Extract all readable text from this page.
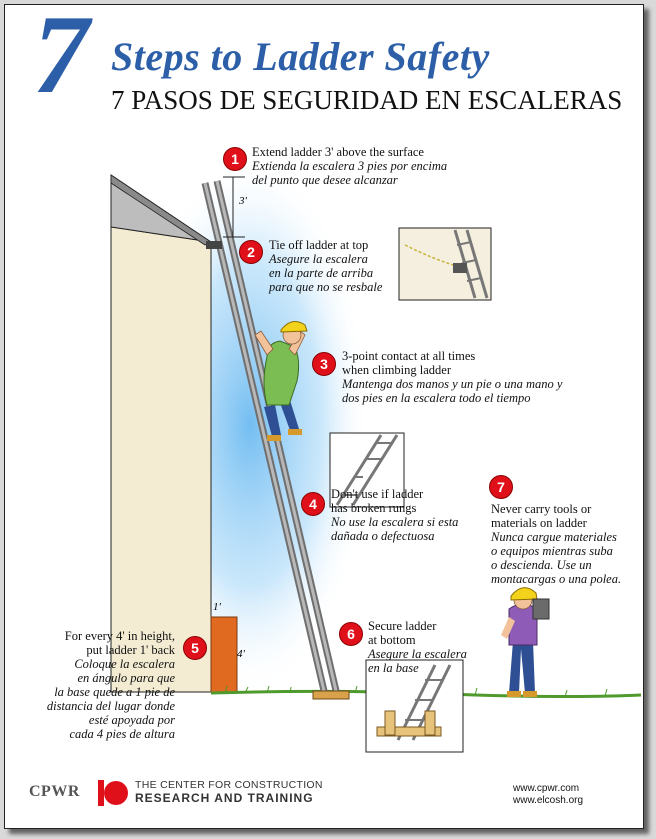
7 Steps to Ladder Safety
7 PASOS DE SEGURIDAD EN ESCALERAS
3'
1'
4'
1	Extend ladder 3' above the surface

Extienda la escalera 3 pies por encima

del punto que desee alcanzar

2	Tie off ladder at top

Asegure la escalera

en la parte de arriba

para que no se resbale

3	3-point contact at all times

when climbing ladder

Mantenga dos manos y un pie o una mano y

dos pies en la escalera todo el tiempo

4

Don't use if ladder

has broken rungs

No use la escalera si esta

dañada o defectuosa

5

For every 4' in height,

put ladder 1' back

Coloque la escalera

en ángulo para que

la base quede a 1 pie de

distancia del lugar donde

esté apoyada por

cada 4 pies de altura

6	Secure ladder

at bottom

Asegure la escalera

en la base

7

Never carry tools or

materials on ladder

Nunca cargue materiales

o equipos mientras suba

o descienda. Use un

montacargas o una polea.

CPWR	THE CENTER FOR CONSTRUCTION
RESEARCH AND TRAINING
www.cpwr.com
www.elcosh.org
